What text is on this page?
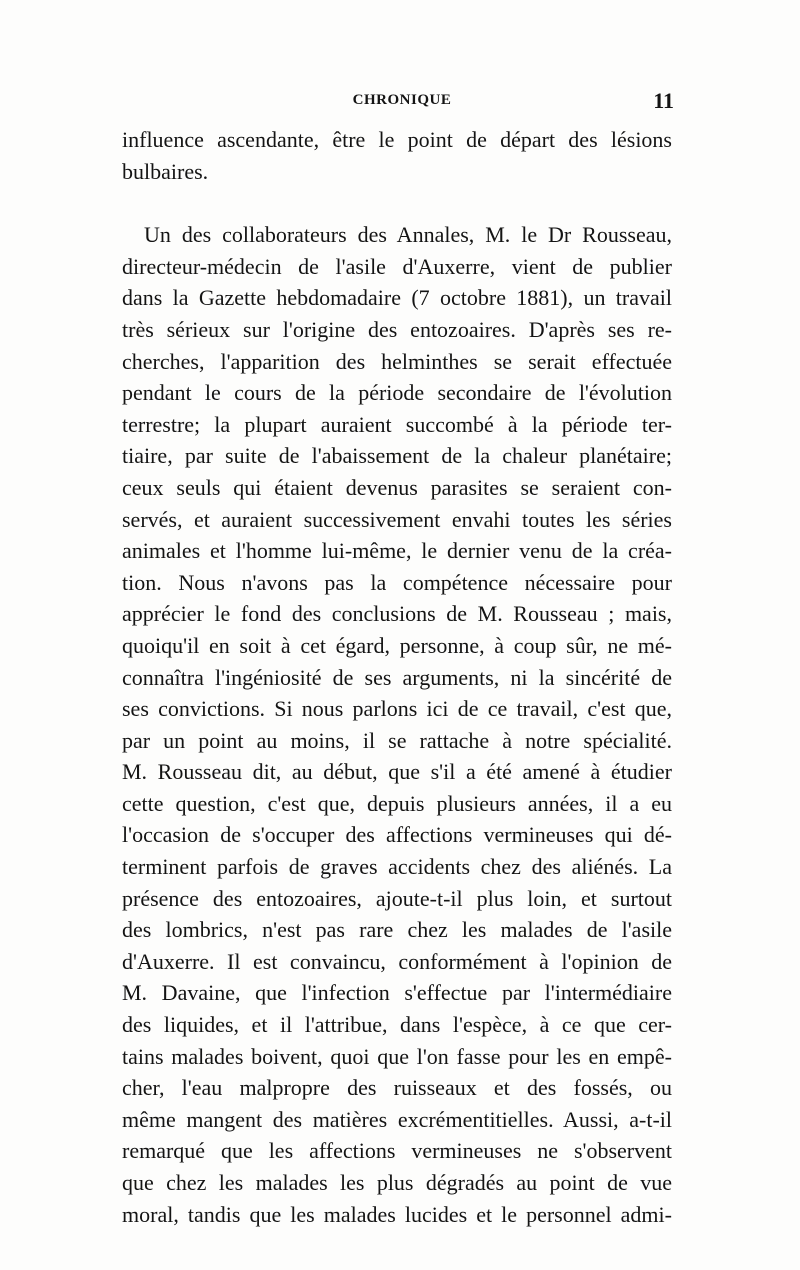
CHRONIQUE	11
influence ascendante, être le point de départ des lésions
bulbaires.
Un des collaborateurs des Annales, M. le Dr Rousseau,
directeur-médecin de l'asile d'Auxerre, vient de publier
dans la Gazette hebdomadaire (7 octobre 1881), un travail
très sérieux sur l'origine des entozoaires. D'après ses re-
cherches, l'apparition des helminthes se serait effectuée
pendant le cours de la période secondaire de l'évolution
terrestre; la plupart auraient succombé à la période ter-
tiaire, par suite de l'abaissement de la chaleur planétaire;
ceux seuls qui étaient devenus parasites se seraient con-
servés, et auraient successivement envahi toutes les séries
animales et l'homme lui-même, le dernier venu de la créa-
tion. Nous n'avons pas la compétence nécessaire pour
apprécier le fond des conclusions de M. Rousseau ; mais,
quoiqu'il en soit à cet égard, personne, à coup sûr, ne mé-
connaîtra l'ingéniosité de ses arguments, ni la sincérité de
ses convictions. Si nous parlons ici de ce travail, c'est que,
par un point au moins, il se rattache à notre spécialité.
M. Rousseau dit, au début, que s'il a été amené à étudier
cette question, c'est que, depuis plusieurs années, il a eu
l'occasion de s'occuper des affections vermineuses qui dé-
terminent parfois de graves accidents chez des aliénés. La
présence des entozoaires, ajoute-t-il plus loin, et surtout
des lombrics, n'est pas rare chez les malades de l'asile
d'Auxerre. Il est convaincu, conformément à l'opinion de
M. Davaine, que l'infection s'effectue par l'intermédiaire
des liquides, et il l'attribue, dans l'espèce, à ce que cer-
tains malades boivent, quoi que l'on fasse pour les en empê-
cher, l'eau malpropre des ruisseaux et des fossés, ou
même mangent des matières excrémentitielles. Aussi, a-t-il
remarqué que les affections vermineuses ne s'observent
que chez les malades les plus dégradés au point de vue
moral, tandis que les malades lucides et le personnel admi-
